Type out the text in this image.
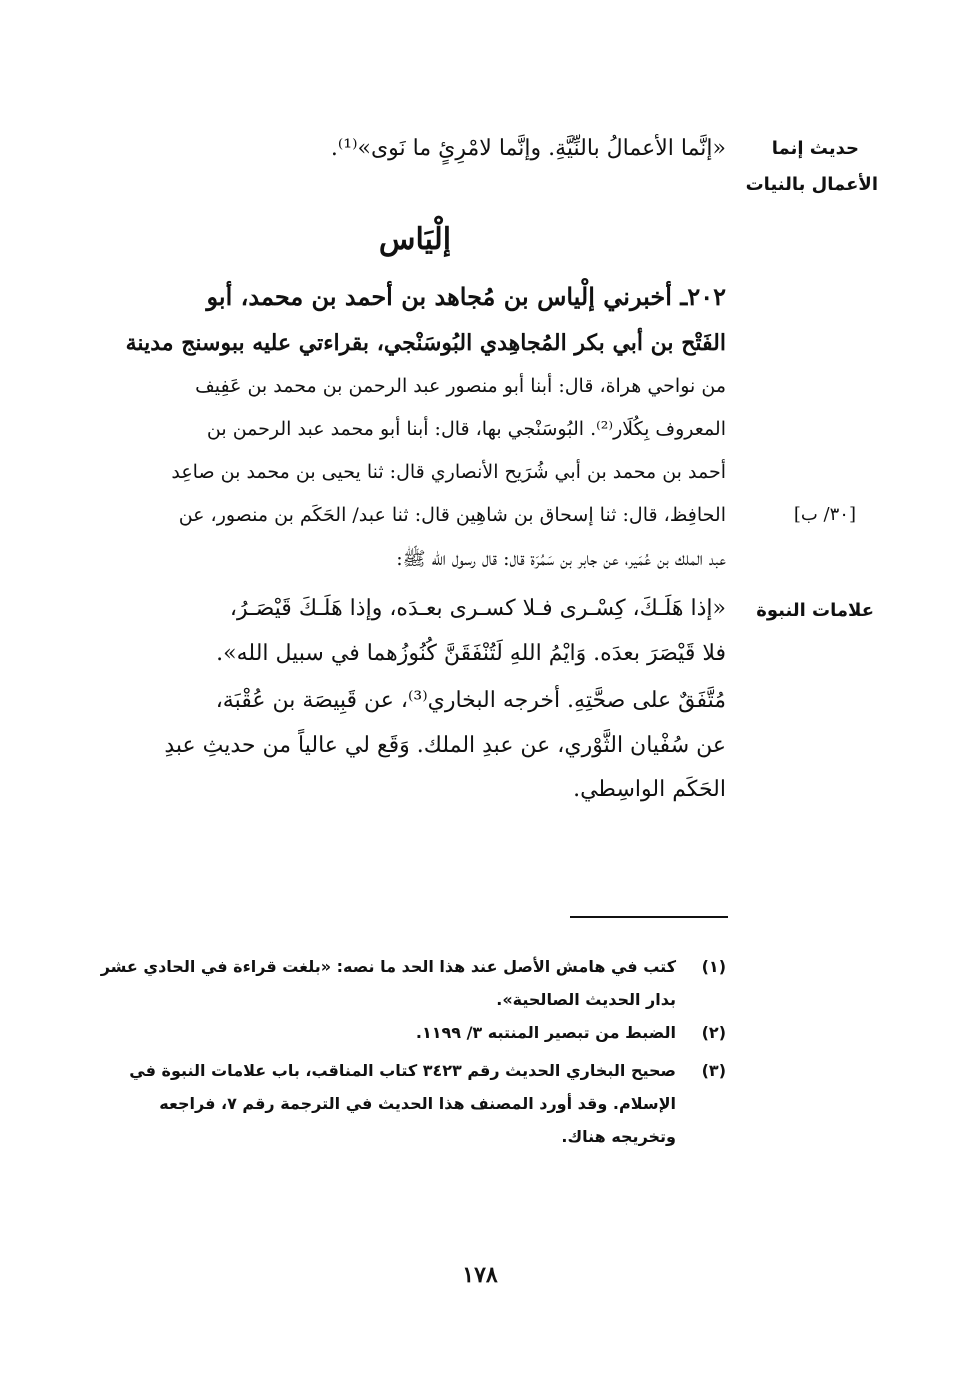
حديث إنما
الأعمال بالنيات
[٣٠/ ب]
علامات النبوة
«إنَّما الأعمالُ بالنِّيَّةِ. وإنَّما لامْرِئٍ ما نَوى»⁽¹⁾.
إلْيَاس
٢٠٢ـ أخبرني إلْياس بن مُجاهد بن أحمد بن محمد، أبو
الفَتْح بن أبي بكر المُجاهِدي البُوسَنْجي، بقراءتي عليه ببوسنج مدينة
من نواحي هراة، قال: أبنا أبو منصور عبد الرحمن بن محمد بن عَفِيف
المعروف بِكُلَار⁽²⁾. البُوسَنْجي بها، قال: أبنا أبو محمد عبد الرحمن بن
أحمد بن محمد بن أبي شُرَيح الأنصاري قال: ثنا يحيى بن محمد بن صاعِد
الحافِظ، قال: ثنا إسحاق بن شاهِين قال: ثنا عبد/ الحَكَم بن منصور، عن
عبد الملك بن عُمَير، عن جابر بن سَمُرَة قال: قال رسول الله ﷺ:
«إذا هَلَـكَ، كِسْـرى فـلا كسـرى بعـدَه، وإذا هَلَـكَ قَيْصَـرُ،
فلا قَيْصَرَ بعدَه. وَايْمُ اللهِ لَتُنْفَقَنَّ كُنُوزُهما في سبيل الله».
مُتَّفَقٌ على صحَّتِهِ. أخرجه البخاري⁽³⁾، عن قَبِيصَة بن عُقْبَة،
عن سُفْيان الثَّوْري، عن عبدِ الملك. وَقَع لي عالياً من حديثِ عبدِ
الحَكَم الواسِطي.
(١)
كتب في هامش الأصل عند هذا الحد ما نصه: «بلغت قراءة في الحادي عشر
بدار الحديث الصالحية».
(٢)
الضبط من تبصير المنتبه ٣/ ١١٩٩.
(٣)
صحيح البخاري الحديث رقم ٣٤٢٣ كتاب المناقب، باب علامات النبوة في
الإسلام. وقد أورد المصنف هذا الحديث في الترجمة رقم ٧، فراجعه
وتخريجه هناك.
١٧٨
